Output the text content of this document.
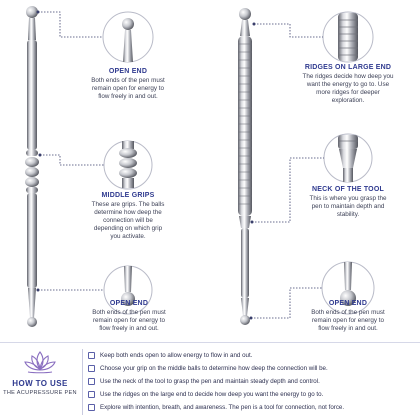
OPEN END
Both ends of the pen must remain open for energy to flow freely in and out.
MIDDLE GRIPS
These are grips. The balls determine how deep the connection will be depending on which grip you activate.
OPEN END
Both ends of the pen must remain open for energy to flow freely in and out.
RIDGES ON LARGE END
The ridges decide how deep you want the energy to go to. Use more ridges for deeper exploration.
NECK OF THE TOOL
This is where you grasp the pen to maintain depth and stability.
OPEN END
Both ends of the pen must remain open for energy to flow freely in and out.
HOW TO USE
THE ACUPRESSURE PEN
Keep both ends open to allow energy to flow in and out.
Choose your grip on the middle balls to determine how deep the connection will be.
Use the neck of the tool to grasp the pen and maintain steady depth and control.
Use the ridges on the large end to decide how deep you want the energy to go to.
Explore with intention, breath, and awareness. The pen is a tool for connection, not force.
